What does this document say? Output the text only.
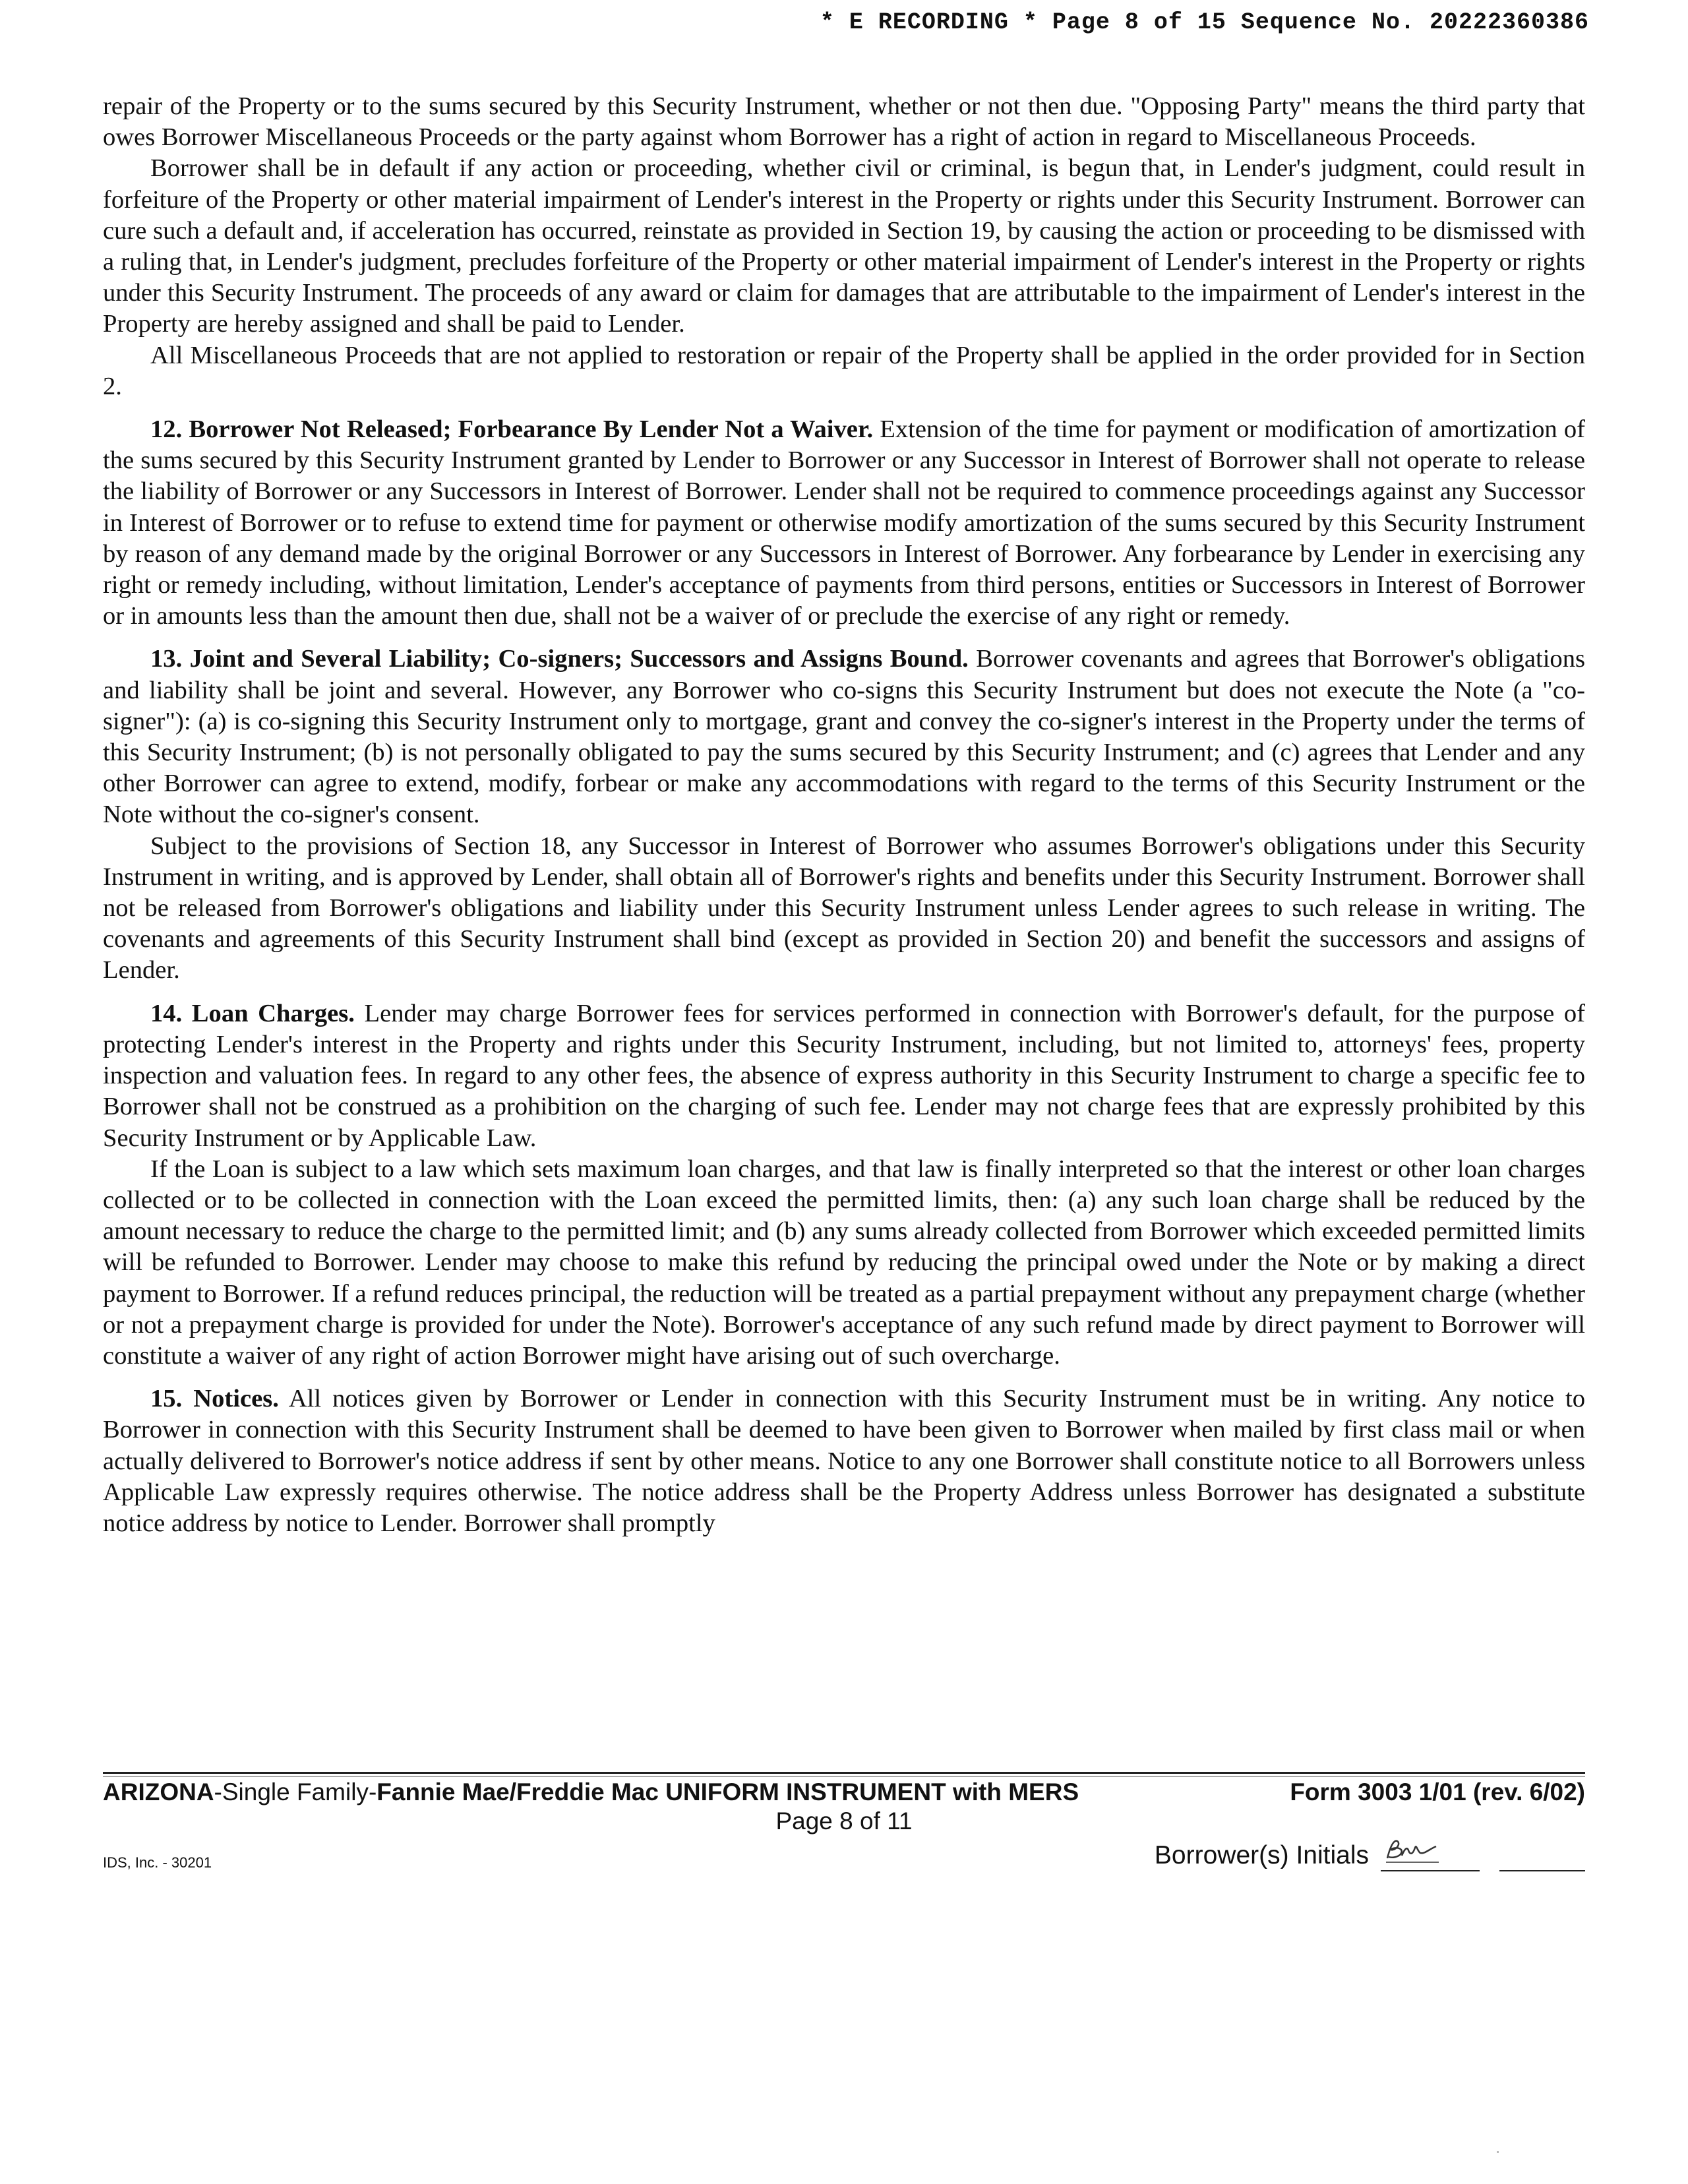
* E RECORDING * Page 8 of 15 Sequence No. 20222360386

repair of the Property or to the sums secured by this Security Instrument, whether or not then due. "Opposing Party" means the third party that owes Borrower Miscellaneous Proceeds or the party against whom Borrower has a right of action in regard to Miscellaneous Proceeds.

Borrower shall be in default if any action or proceeding, whether civil or criminal, is begun that, in Lender's judgment, could result in forfeiture of the Property or other material impairment of Lender's interest in the Property or rights under this Security Instrument. Borrower can cure such a default and, if acceleration has occurred, reinstate as provided in Section 19, by causing the action or proceeding to be dismissed with a ruling that, in Lender's judgment, precludes forfeiture of the Property or other material impairment of Lender's interest in the Property or rights under this Security Instrument. The proceeds of any award or claim for damages that are attributable to the impairment of Lender's interest in the Property are hereby assigned and shall be paid to Lender.

All Miscellaneous Proceeds that are not applied to restoration or repair of the Property shall be applied in the order provided for in Section 2.

12. Borrower Not Released; Forbearance By Lender Not a Waiver. Extension of the time for payment or modification of amortization of the sums secured by this Security Instrument granted by Lender to Borrower or any Successor in Interest of Borrower shall not operate to release the liability of Borrower or any Successors in Interest of Borrower. Lender shall not be required to commence proceedings against any Successor in Interest of Borrower or to refuse to extend time for payment or otherwise modify amortization of the sums secured by this Security Instrument by reason of any demand made by the original Borrower or any Successors in Interest of Borrower. Any forbearance by Lender in exercising any right or remedy including, without limitation, Lender's acceptance of payments from third persons, entities or Successors in Interest of Borrower or in amounts less than the amount then due, shall not be a waiver of or preclude the exercise of any right or remedy.

13. Joint and Several Liability; Co-signers; Successors and Assigns Bound. Borrower covenants and agrees that Borrower's obligations and liability shall be joint and several. However, any Borrower who co-signs this Security Instrument but does not execute the Note (a "co-signer"): (a) is co-signing this Security Instrument only to mortgage, grant and convey the co-signer's interest in the Property under the terms of this Security Instrument; (b) is not personally obligated to pay the sums secured by this Security Instrument; and (c) agrees that Lender and any other Borrower can agree to extend, modify, forbear or make any accommodations with regard to the terms of this Security Instrument or the Note without the co-signer's consent.

Subject to the provisions of Section 18, any Successor in Interest of Borrower who assumes Borrower's obligations under this Security Instrument in writing, and is approved by Lender, shall obtain all of Borrower's rights and benefits under this Security Instrument. Borrower shall not be released from Borrower's obligations and liability under this Security Instrument unless Lender agrees to such release in writing. The covenants and agreements of this Security Instrument shall bind (except as provided in Section 20) and benefit the successors and assigns of Lender.

14. Loan Charges. Lender may charge Borrower fees for services performed in connection with Borrower's default, for the purpose of protecting Lender's interest in the Property and rights under this Security Instrument, including, but not limited to, attorneys' fees, property inspection and valuation fees. In regard to any other fees, the absence of express authority in this Security Instrument to charge a specific fee to Borrower shall not be construed as a prohibition on the charging of such fee. Lender may not charge fees that are expressly prohibited by this Security Instrument or by Applicable Law.

If the Loan is subject to a law which sets maximum loan charges, and that law is finally interpreted so that the interest or other loan charges collected or to be collected in connection with the Loan exceed the permitted limits, then: (a) any such loan charge shall be reduced by the amount necessary to reduce the charge to the permitted limit; and (b) any sums already collected from Borrower which exceeded permitted limits will be refunded to Borrower. Lender may choose to make this refund by reducing the principal owed under the Note or by making a direct payment to Borrower. If a refund reduces principal, the reduction will be treated as a partial prepayment without any prepayment charge (whether or not a prepayment charge is provided for under the Note). Borrower's acceptance of any such refund made by direct payment to Borrower will constitute a waiver of any right of action Borrower might have arising out of such overcharge.

15. Notices. All notices given by Borrower or Lender in connection with this Security Instrument must be in writing. Any notice to Borrower in connection with this Security Instrument shall be deemed to have been given to Borrower when mailed by first class mail or when actually delivered to Borrower's notice address if sent by other means. Notice to any one Borrower shall constitute notice to all Borrowers unless Applicable Law expressly requires otherwise. The notice address shall be the Property Address unless Borrower has designated a substitute notice address by notice to Lender. Borrower shall promptly

ARIZONA-Single Family-Fannie Mae/Freddie Mac UNIFORM INSTRUMENT with MERS	Form 3003 1/01 (rev. 6/02)
Page 8 of 11
IDS, Inc. - 30201	Borrower(s) Initials
